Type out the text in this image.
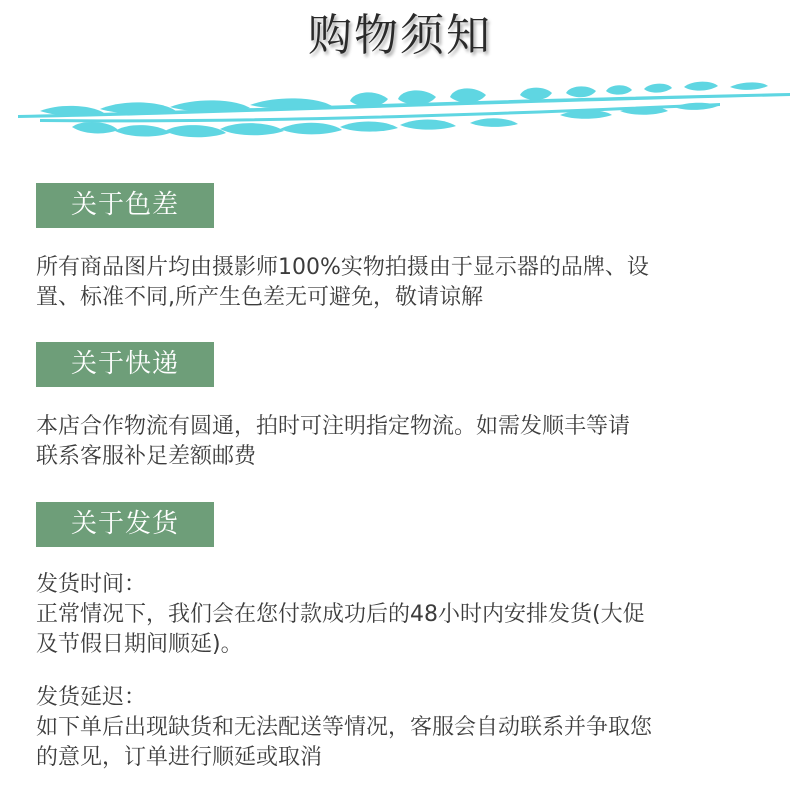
购物须知
关于色差
所有商品图片均由摄影师100%实物拍摄由于显示器的品牌、设
置、标准不同,所产生色差无可避免，敬请谅解
关于快递
本店合作物流有圆通，拍时可注明指定物流。如需发顺丰等请
联系客服补足差额邮费
关于发货
发货时间：
正常情况下，我们会在您付款成功后的48小时内安排发货(大促
及节假日期间顺延)。
发货延迟：
如下单后出现缺货和无法配送等情况，客服会自动联系并争取您
的意见，订单进行顺延或取消
